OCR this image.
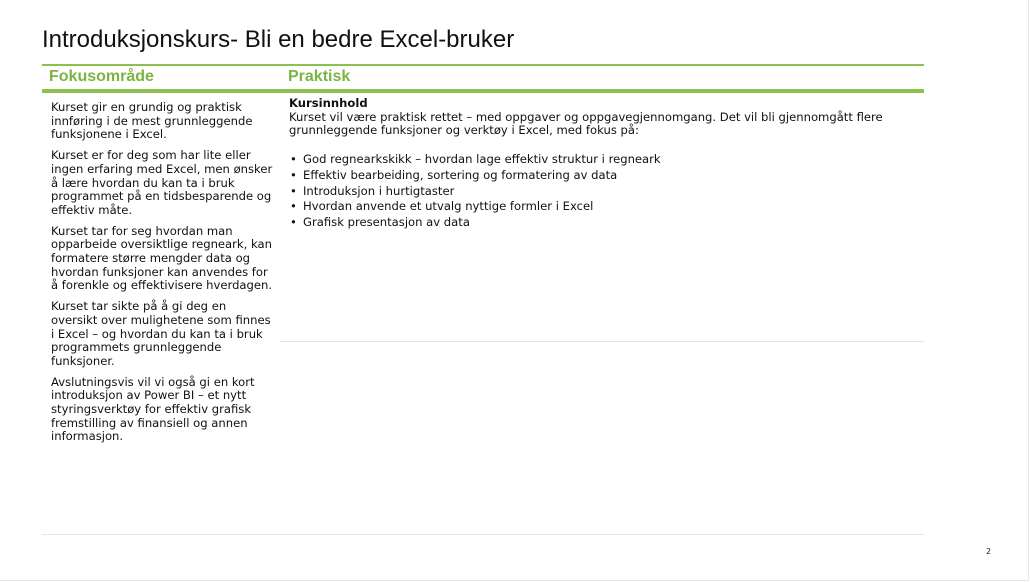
Introduksjonskurs- Bli en bedre Excel-bruker
Fokusområde	Praktisk

Kurset gir en grundig og praktisk innføring i de mest grunnleggende funksjonene i Excel.

Kurset er for deg som har lite eller ingen erfaring med Excel, men ønsker å lære hvordan du kan ta i bruk programmet på en tidsbesparende og effektiv måte.

Kurset tar for seg hvordan man opparbeide oversiktlige regneark, kan formatere større mengder data og hvordan funksjoner kan anvendes for å forenkle og effektivisere hverdagen.

Kurset tar sikte på å gi deg en oversikt over mulighetene som finnes i Excel – og hvordan du kan ta i bruk programmets grunnleggende funksjoner.

Avslutningsvis vil vi også gi en kort introduksjon av Power BI – et nytt styringsverktøy for effektiv grafisk fremstilling av finansiell og annen informasjon.

Kursinnhold

Kurset vil være praktisk rettet – med oppgaver og oppgavegjennomgang. Det vil bli gjennomgått flere grunnleggende funksjoner og verktøy i Excel, med fokus på:

• God regnearkskikk – hvordan lage effektiv struktur i regneark
• Effektiv bearbeiding, sortering og formatering av data
• Introduksjon i hurtigtaster
• Hvordan anvende et utvalg nyttige formler i Excel
• Grafisk presentasjon av data
2
